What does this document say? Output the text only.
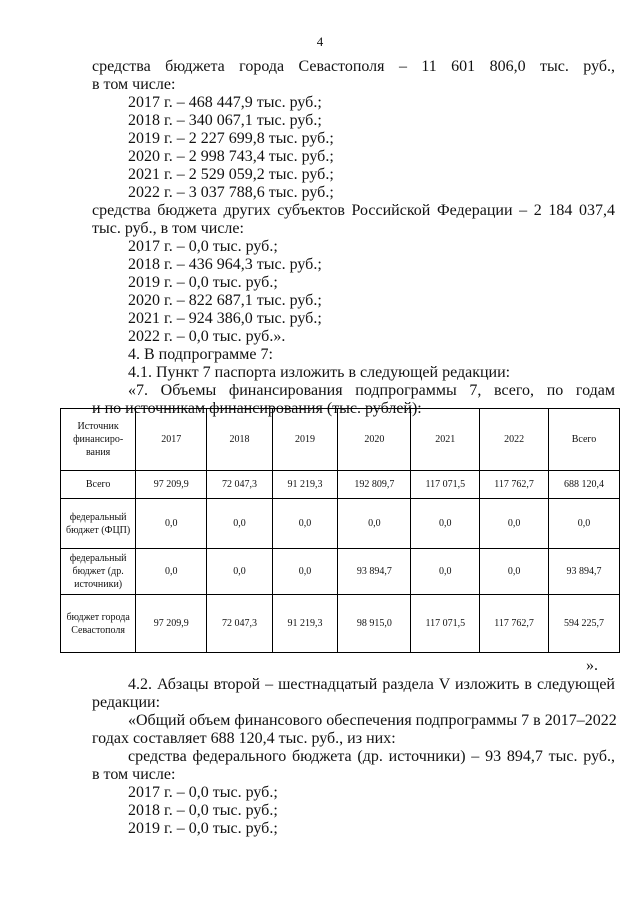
4
средства бюджета города Севастополя – 11 601 806,0 тыс. руб.,
в том числе:
2017 г. – 468 447,9 тыс. руб.;
2018 г. – 340 067,1 тыс. руб.;
2019 г. – 2 227 699,8 тыс. руб.;
2020 г. – 2 998 743,4 тыс. руб.;
2021 г. – 2 529 059,2 тыс. руб.;
2022 г. – 3 037 788,6 тыс. руб.;
средства бюджета других субъектов Российской Федерации – 2 184 037,4
тыс. руб., в том числе:
2017 г. – 0,0 тыс. руб.;
2018 г. – 436 964,3 тыс. руб.;
2019 г. – 0,0 тыс. руб.;
2020 г. – 822 687,1 тыс. руб.;
2021 г. – 924 386,0 тыс. руб.;
2022 г. – 0,0 тыс. руб.».
4. В подпрограмме 7:
4.1. Пункт 7 паспорта изложить в следующей редакции:
«7. Объемы финансирования подпрограммы 7, всего, по годам
и по источникам финансирования (тыс. рублей):
Источник финансиро-вания	2017	2018	2019	2020	2021	2022	Всего
Всего	97 209,9	72 047,3	91 219,3	192 809,7	117 071,5	117 762,7	688 120,4
федеральный бюджет (ФЦП)	0,0	0,0	0,0	0,0	0,0	0,0	0,0
федеральный бюджет (др. источники)	0,0	0,0	0,0	93 894,7	0,0	0,0	93 894,7
бюджет города Севастополя	97 209,9	72 047,3	91 219,3	98 915,0	117 071,5	117 762,7	594 225,7
».
4.2. Абзацы второй – шестнадцатый раздела V изложить в следующей
редакции:
«Общий объем финансового обеспечения подпрограммы 7 в 2017–2022
годах составляет 688 120,4 тыс. руб., из них:
средства федерального бюджета (др. источники) – 93 894,7 тыс. руб.,
в том числе:
2017 г. – 0,0 тыс. руб.;
2018 г. – 0,0 тыс. руб.;
2019 г. – 0,0 тыс. руб.;
